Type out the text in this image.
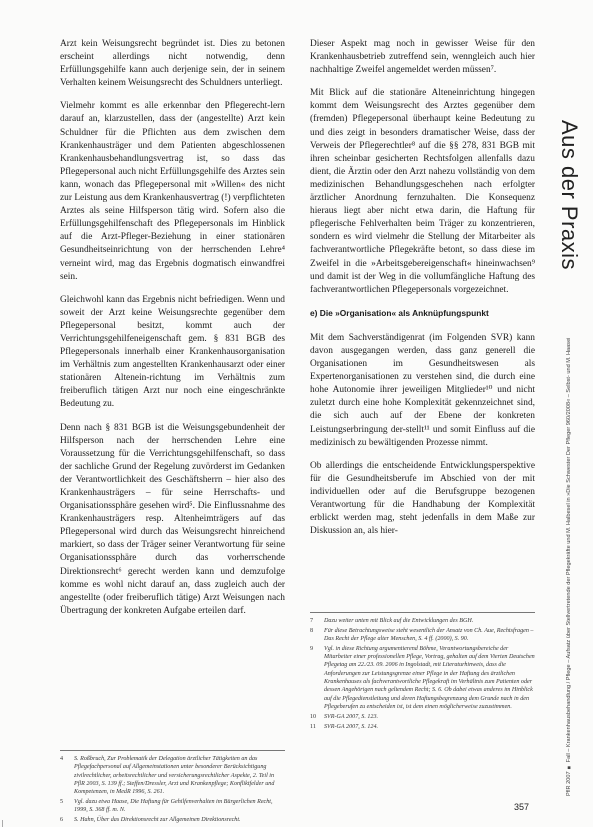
Arzt kein Weisungsrecht begründet ist. Dies zu betonen erscheint allerdings nicht notwendig, denn Erfüllungsgehilfe kann auch derjenige sein, der in seinem Verhalten keinem Weisungsrecht des Schuldners unterliegt.

Vielmehr kommt es alle erkennbar den Pflegerecht-lern darauf an, klarzustellen, dass der (angestellte) Arzt kein Schuldner für die Pflichten aus dem zwischen dem Krankenhausträger und dem Patienten abgeschlossenen Krankenhausbehandlungsvertrag ist, so dass das Pflegepersonal auch nicht Erfüllungsgehilfe des Arztes sein kann, wonach das Pflegepersonal mit »Willen« des nicht zur Leistung aus dem Krankenhausvertrag (!) verpflichteten Arztes als seine Hilfsperson tätig wird. Sofern also die Erfüllungsgehilfenschaft des Pflegepersonals im Hinblick auf die Arzt-Pfleger-Beziehung in einer stationären Gesundheitseinrichtung von der herrschenden Lehre⁴ verneint wird, mag das Ergebnis dogmatisch einwandfrei sein.

Gleichwohl kann das Ergebnis nicht befriedigen. Wenn und soweit der Arzt keine Weisungsrechte gegenüber dem Pflegepersonal besitzt, kommt auch der Verrichtungsgehilfeneigenschaft gem. § 831 BGB des Pflegepersonals innerhalb einer Krankenhausorganisation im Verhältnis zum angestellten Krankenhausarzt oder einer stationären Altenein-richtung im Verhältnis zum freiberuflich tätigen Arzt nur noch eine eingeschränkte Bedeutung zu.

Denn nach § 831 BGB ist die Weisungsgebundenheit der Hilfsperson nach der herrschenden Lehre eine Voraussetzung für die Verrichtungsgehilfenschaft, so dass der sachliche Grund der Regelung zuvörderst im Gedanken der Verantwortlichkeit des Geschäftsherrn – hier also des Krankenhausträgers – für seine Herrschafts- und Organisationssphäre gesehen wird⁵. Die Einflussnahme des Krankenhausträgers resp. Altenheimträgers auf das Pflegepersonal wird durch das Weisungsrecht hinreichend markiert, so dass der Träger seiner Verantwortung für seine Organisationssphäre durch das vorherrschende Direktionsrecht⁶ gerecht werden kann und demzufolge komme es wohl nicht darauf an, dass zugleich auch der angestellte (oder freiberuflich tätige) Arzt Weisungen nach Übertragung der konkreten Aufgabe erteilen darf.

4	S. Roßbruch, Zur Problematik der Delegation ärztlicher Tätigkeiten an das Pflegefachpersonal auf Allgemeinstationen unter besonderer Berücksichtigung zivilrechtlicher, arbeitsrechtlicher und versicherungsrechtlicher Aspekte, 2. Teil in PflR 2003, S. 139 ff.; Steffen/Dressler, Arzt und Krankenpflege; Konfliktfelder und Kompetenzen, in MedR 1996, S. 261.
5	Vgl. dazu etwa Haase, Die Haftung für Gehilfenverhalten im Bürgerlichen Recht, 1999, S. 368 ff. m. N.
6	S. Hahn, Über das Direktionsrecht zur Allgemeinen Direktionsrecht.

Dieser Aspekt mag noch in gewisser Weise für den Krankenhausbetrieb zutreffend sein, wenngleich auch hier nachhaltige Zweifel angemeldet werden müssen⁷.

Mit Blick auf die stationäre Alteneinrichtung hingegen kommt dem Weisungsrecht des Arztes gegenüber dem (fremden) Pflegepersonal überhaupt keine Bedeutung zu und dies zeigt in besonders dramatischer Weise, dass der Verweis der Pflegerechtler⁸ auf die §§ 278, 831 BGB mit ihren scheinbar gesicherten Rechtsfolgen allenfalls dazu dient, die Ärztin oder den Arzt nahezu vollständig von dem medizinischen Behandlungsgeschehen nach erfolgter ärztlicher Anordnung fernzuhalten. Die Konsequenz hieraus liegt aber nicht etwa darin, die Haftung für pflegerische Fehlverhalten beim Träger zu konzentrieren, sondern es wird vielmehr die Stellung der Mitarbeiter als fachverantwortliche Pflegekräfte betont, so dass diese im Zweifel in die »Arbeitsgebereigenschaft« hineinwachsen⁹ und damit ist der Weg in die vollumfängliche Haftung des fachverantwortlichen Pflegepersonals vorgezeichnet.

e) Die »Organisation« als Anknüpfungspunkt

Mit dem Sachverständigenrat (im Folgenden SVR) kann davon ausgegangen werden, dass ganz generell die Organisationen im Gesundheitswesen als Expertenorganisationen zu verstehen sind, die durch eine hohe Autonomie ihrer jeweiligen Mitglieder¹⁰ und nicht zuletzt durch eine hohe Komplexität gekennzeichnet sind, die sich auch auf der Ebene der konkreten Leistungserbringung der-stellt¹¹ und somit Einfluss auf die medizinisch zu bewältigenden Prozesse nimmt.

Ob allerdings die entscheidende Entwicklungsperspektive für die Gesundheitsberufe im Abschied von der mit individuellen oder auf die Berufsgruppe bezogenen Verantwortung für die Handhabung der Komplexität erblickt werden mag, steht jedenfalls in dem Maße zur Diskussion an, als hier-

7	Dazu weiter unten mit Blick auf die Entwicklungen des BGH.
8	Für diese Betrachtungsweise steht wesentlich der Ansatz von Ch. Aue, Rechtsfragen – Das Recht der Pflege alter Menschen, S. 4 ff. (2000), S. 90.
9	Vgl. in diese Richtung argumentierend Böhme, Verantwortungsbereiche der Mitarbeiter einer professionellen Pflege, Vortrag, gehalten auf dem Vierten Deutschen Pflegetag am 22./23. 09. 2006 in Ingolstadt, mit Literaturhinweis, dass die Anforderungen zur Leistungsgrenze einer Pflege in der Haftung des ärztlichen Krankenhauses als fachverantwortliche Pflegekraft im Verhältnis zum Patienten oder dessen Angehörigen nach geltendem Recht; S. 6. Ob dabei etwas anderes im Hinblick auf die Pflegedienstleitung und deren Haftungsbegrenzung dem Grunde nach in den Pflegeberufen zu entscheiden ist, ist dem einen möglicherweise zuzustimmen.
10	SVR-GA 2007, S. 123.
11	SVR-GA 2007, S. 124.
Aus der Praxis
PflR 2007 ■ Fall – Krankenhausbehandlung / Pflege – Aufsatz über Stellvertretende der Pflegekräfte und M. Halbesel in »Die Schwester Der Pfleger 960/2008« – Selbst- und M. Haasei
357
